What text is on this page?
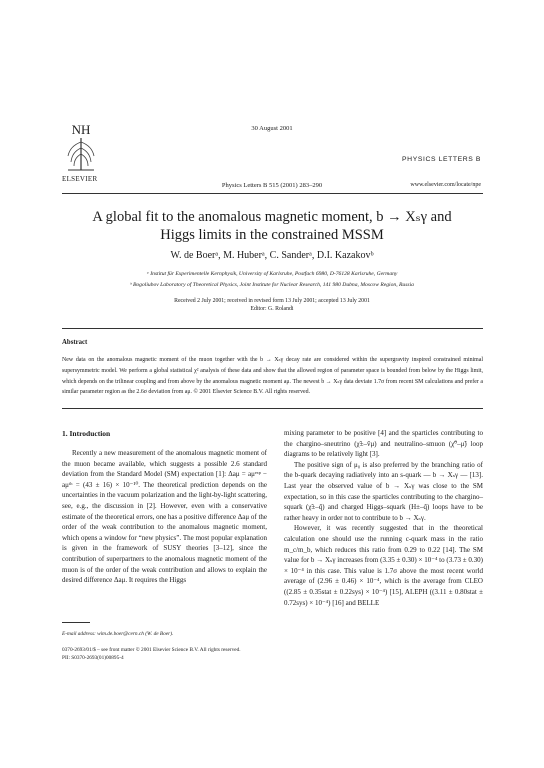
NH
ELSEVIER
30 August 2001
PHYSICS LETTERS B
Physics Letters B 515 (2001) 283–290	www.elsevier.com/locate/npe
A global fit to the anomalous magnetic moment, b → Xₛγ and
Higgs limits in the constrained MSSM
W. de Boerᵃ, M. Huberᵃ, C. Sanderᵃ, D.I. Kazakovᵇ
ᵃ Institut für Experimentelle Kernphysik, University of Karlsruhe, Postfach 6980, D-76128 Karlsruhe, Germany
ᵇ Bogoliubov Laboratory of Theoretical Physics, Joint Institute for Nuclear Research, 141 980 Dubna, Moscow Region, Russia
Received 2 July 2001; received in revised form 13 July 2001; accepted 13 July 2001
Editor: G. Rolandi
Abstract
New data on the anomalous magnetic moment of the muon together with the b → Xₛγ decay rate are considered within the supergravity inspired constrained minimal supersymmetric model. We perform a global statistical χ² analysis of these data and show that the allowed region of parameter space is bounded from below by the Higgs limit, which depends on the trilinear coupling and from above by the anomalous magnetic moment aμ. The newest b → Xₛγ data deviate 1.7σ from recent SM calculations and prefer a similar parameter region as the 2.6σ deviation from aμ. © 2001 Elsevier Science B.V. All rights reserved.
1. Introduction

Recently a new measurement of the anomalous magnetic moment of the muon became available, which suggests a possible 2.6 standard deviation from the Standard Model (SM) expectation [1]: Δaμ = aμᵉˣᵖ − aμᵗʰ = (43 ± 16) × 10⁻¹⁰. The theoretical prediction depends on the uncertainties in the vacuum polarization and the light-by-light scattering, see, e.g., the discussion in [2]. However, even with a conservative estimate of the theoretical errors, one has a positive difference Δaμ of the order of the weak contribution to the anomalous magnetic moment, which opens a window for “new physics”. The most popular explanation is given in the framework of SUSY theories [3–12], since the contribution of superpartners to the anomalous magnetic moment of the muon is of the order of the weak contribution and allows to explain the desired difference Δaμ. It requires the Higgs

mixing parameter to be positive [4] and the sparticles contributing to the chargino–sneutrino (χ̃±–ṽμ) and neutralino–smuon (χ̃⁰–μ̃) loop diagrams to be relatively light [3].

The positive sign of μ₀ is also preferred by the branching ratio of the b-quark decaying radiatively into an s-quark — b → Xₛγ — [13]. Last year the observed value of b → Xₛγ was close to the SM expectation, so in this case the sparticles contributing to the chargino–squark (χ̃±–q̃) and charged Higgs–squark (H±–q̃) loops have to be rather heavy in order not to contribute to b → Xₛγ.

However, it was recently suggested that in the theoretical calculation one should use the running c-quark mass in the ratio m_c/m_b, which reduces this ratio from 0.29 to 0.22 [14]. The SM value for b → Xₛγ increases from (3.35 ± 0.30) × 10⁻⁴ to (3.73 ± 0.30) × 10⁻⁴ in this case. This value is 1.7σ above the most recent world average of (2.96 ± 0.46) × 10⁻⁴, which is the average from CLEO ((2.85 ± 0.35stat ± 0.22sys) × 10⁻⁴) [15], ALEPH ((3.11 ± 0.80stat ± 0.72sys) × 10⁻⁴) [16] and BELLE

E-mail address: wim.de.boer@cern.ch (W. de Boer).
0370-2693/01/$ – see front matter © 2001 Elsevier Science B.V. All rights reserved.
PII: S0370-2693(01)00895-4
